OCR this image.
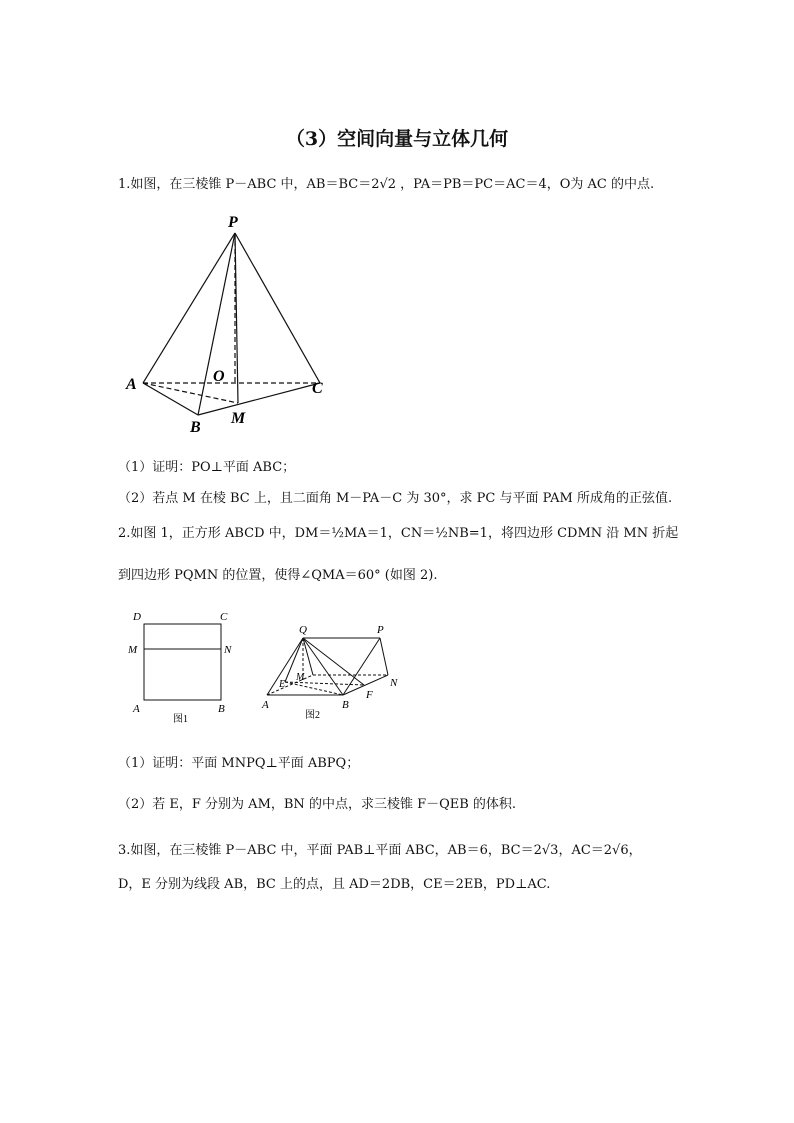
（3）空间向量与立体几何
1.如图，在三棱锥 P－ABC 中，AB＝BC＝2√2 ，PA＝PB＝PC＝AC＝4，O为 AC 的中点.
P
A
B
C
O
M
（1）证明：PO⊥平面 ABC；
（2）若点 M 在棱 BC 上，且二面角 M－PA－C 为 30°，求 PC 与平面 PAM 所成角的正弦值.
2.如图 1，正方形 ABCD 中，DM＝½MA＝1，CN＝½NB=1，将四边形 CDMN 沿 MN 折起
到四边形 PQMN 的位置，使得∠QMA＝60° (如图 2).
D	C
M	N
A	B
图1
Q	P
E
M	N
F
A	B
图2
（1）证明：平面 MNPQ⊥平面 ABPQ；
（2）若 E，F 分别为 AM，BN 的中点，求三棱锥 F－QEB 的体积.
3.如图，在三棱锥 P－ABC 中，平面 PAB⊥平面 ABC，AB＝6，BC＝2√3，AC＝2√6，
D，E 分别为线段 AB，BC 上的点，且 AD＝2DB，CE＝2EB，PD⊥AC.
